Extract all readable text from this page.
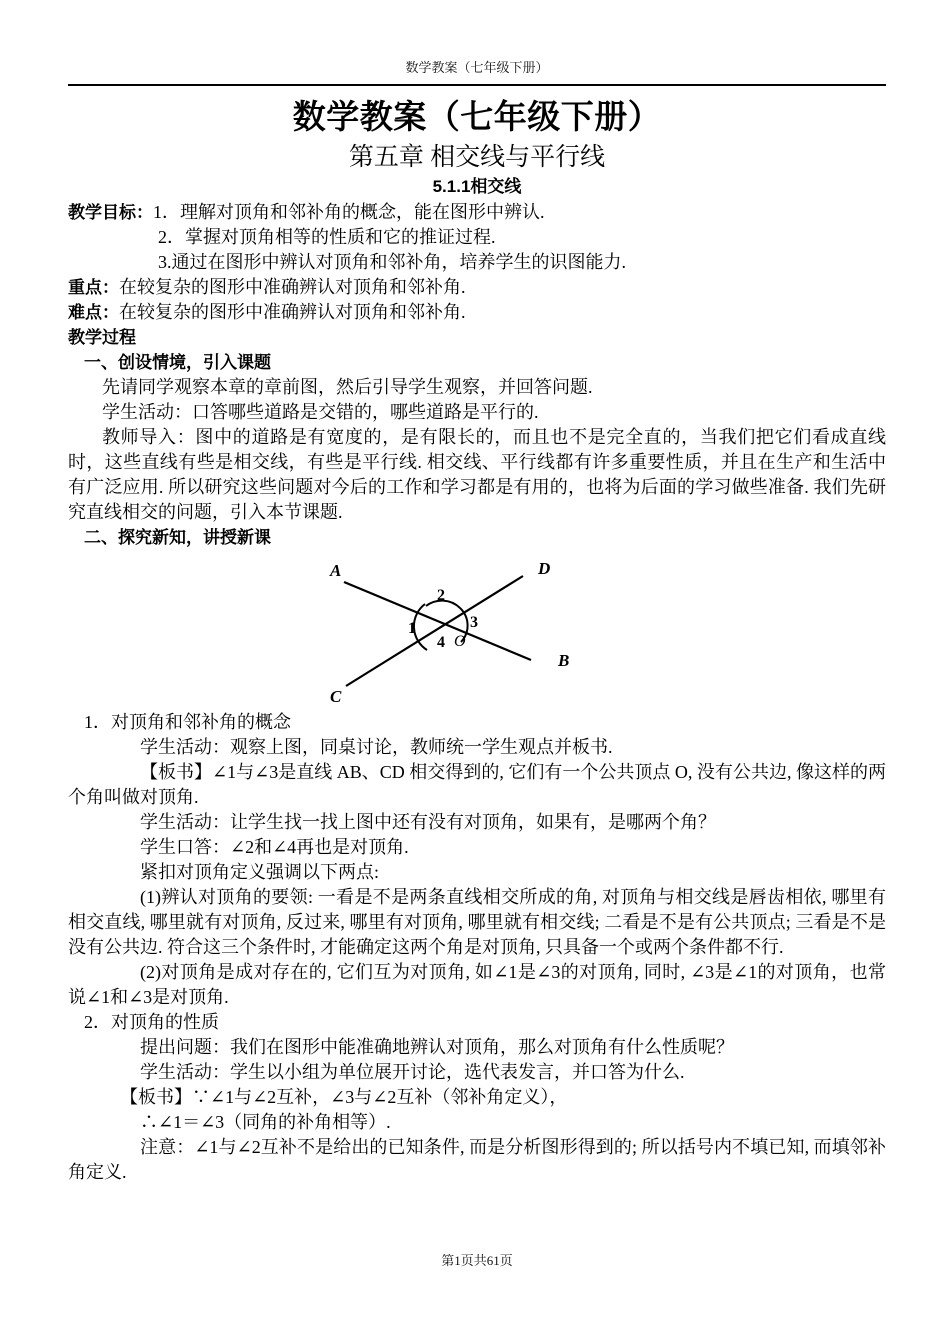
数学教案（七年级下册）
数学教案（七年级下册）
第五章 相交线与平行线
5.1.1相交线
教学目标：1．理解对顶角和邻补角的概念，能在图形中辨认.
2．掌握对顶角相等的性质和它的推证过程.
3.通过在图形中辨认对顶角和邻补角，培养学生的识图能力.
重点：在较复杂的图形中准确辨认对顶角和邻补角.
难点：在较复杂的图形中准确辨认对顶角和邻补角.
教学过程
一、创设情境，引入课题
先请同学观察本章的章前图，然后引导学生观察，并回答问题.
学生活动：口答哪些道路是交错的，哪些道路是平行的.
教师导入：图中的道路是有宽度的，是有限长的，而且也不是完全直的，当我们把它们看成直线时，这些直线有些是相交线，有些是平行线. 相交线、平行线都有许多重要性质，并且在生产和生活中有广泛应用. 所以研究这些问题对今后的工作和学习都是有用的，也将为后面的学习做些准备. 我们先研究直线相交的问题，引入本节课题.
二、探究新知，讲授新课
A
B
C
D
O
1
2
3
4
1．对顶角和邻补角的概念
学生活动：观察上图，同桌讨论，教师统一学生观点并板书.
【板书】∠1与∠3是直线 AB、CD 相交得到的, 它们有一个公共顶点 O, 没有公共边, 像这样的两个角叫做对顶角.
学生活动：让学生找一找上图中还有没有对顶角，如果有，是哪两个角？
学生口答：∠2和∠4再也是对顶角.
紧扣对顶角定义强调以下两点:
(1)辨认对顶角的要领: 一看是不是两条直线相交所成的角, 对顶角与相交线是唇齿相依, 哪里有相交直线, 哪里就有对顶角, 反过来, 哪里有对顶角, 哪里就有相交线; 二看是不是有公共顶点; 三看是不是没有公共边. 符合这三个条件时, 才能确定这两个角是对顶角, 只具备一个或两个条件都不行.
(2)对顶角是成对存在的, 它们互为对顶角, 如∠1是∠3的对顶角, 同时, ∠3是∠1的对顶角，也常说∠1和∠3是对顶角.
2．对顶角的性质
提出问题：我们在图形中能准确地辨认对顶角，那么对顶角有什么性质呢？
学生活动：学生以小组为单位展开讨论，选代表发言，并口答为什么.
【板书】∵∠1与∠2互补，∠3与∠2互补（邻补角定义），
∴∠1＝∠3（同角的补角相等）.
注意：∠1与∠2互补不是给出的已知条件, 而是分析图形得到的; 所以括号内不填已知, 而填邻补角定义.
第1页共61页
